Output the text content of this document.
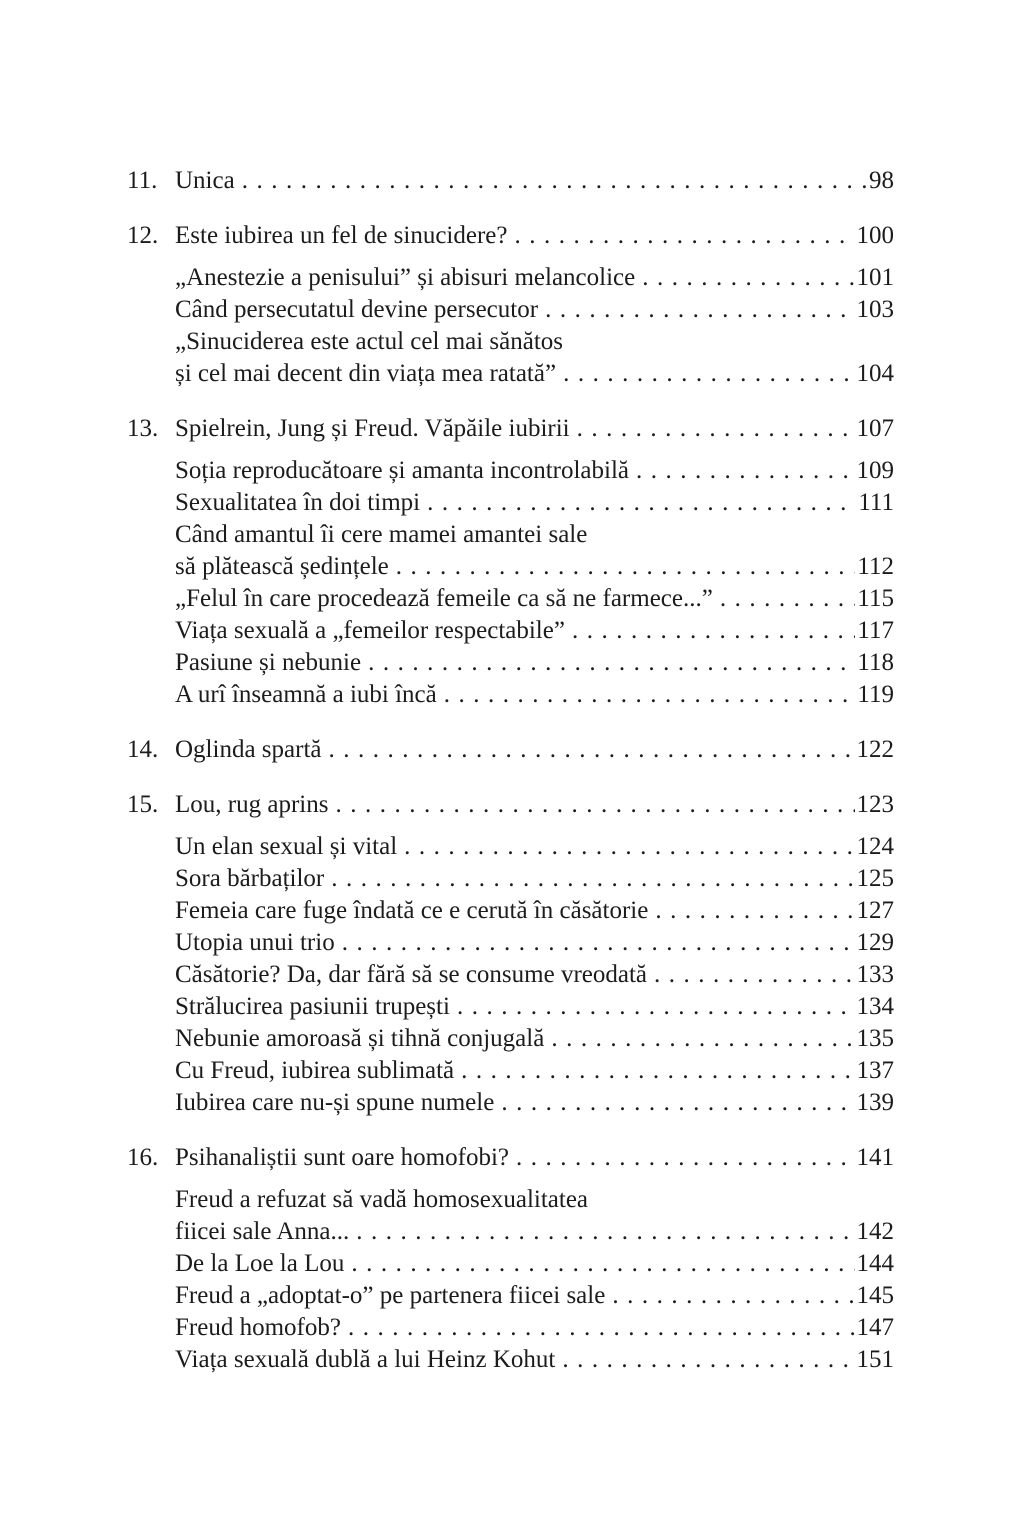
11. Unica .....	98
12. Este iubirea un fel de sinucidere? .....	100
„Anestezie a penisului” și abisuri melancolice .....	101
Când persecutatul devine persecutor .....	103
„Sinuciderea este actul cel mai sănătos
și cel mai decent din viața mea ratată” .....	104
13. Spielrein, Jung și Freud. Văpăile iubirii .....	107
Soția reproducătoare și amanta incontrolabilă .....	109
Sexualitatea în doi timpi .....	111
Când amantul îi cere mamei amantei sale
să plătească ședințele .....	112
„Felul în care procedează femeile ca să ne farmece...” .....	115
Viața sexuală a „femeilor respectabile” .....	117
Pasiune și nebunie .....	118
A urî înseamnă a iubi încă .....	119
14. Oglinda spartă .....	122
15. Lou, rug aprins .....	123
Un elan sexual și vital .....	124
Sora bărbaților .....	125
Femeia care fuge îndată ce e cerută în căsătorie .....	127
Utopia unui trio .....	129
Căsătorie? Da, dar fără să se consume vreodată .....	133
Strălucirea pasiunii trupești .....	134
Nebunie amoroasă și tihnă conjugală .....	135
Cu Freud, iubirea sublimată .....	137
Iubirea care nu-și spune numele .....	139
16. Psihanaliștii sunt oare homofobi? .....	141
Freud a refuzat să vadă homosexualitatea
fiicei sale Anna... .....	142
De la Loe la Lou .....	144
Freud a „adoptat-o” pe partenera fiicei sale .....	145
Freud homofob? .....	147
Viața sexuală dublă a lui Heinz Kohut .....	151
